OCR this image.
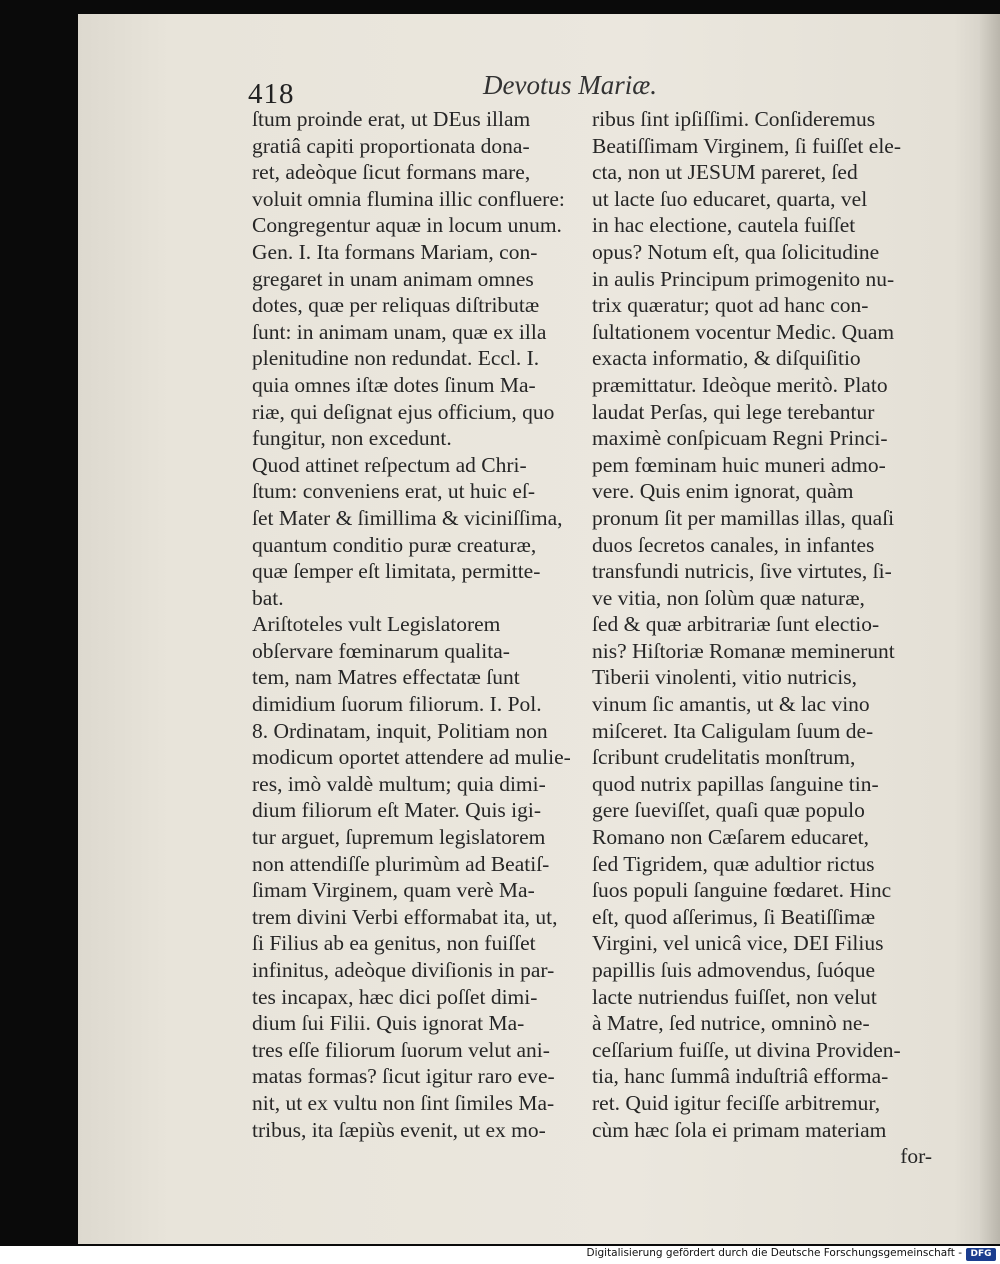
418	Devotus Mariæ.
ſtum proinde erat, ut DEus illam
gratiâ capiti proportionata dona-
ret, adeòque ſicut formans mare,
voluit omnia flumina illic confluere:
Congregentur aquæ in locum unum.
Gen. I. Ita formans Mariam, con-
gregaret in unam animam omnes
dotes, quæ per reliquas diſtributæ
ſunt: in animam unam, quæ ex illa
plenitudine non redundat. Eccl. I.
quia omnes iſtæ dotes ſinum Ma-
riæ, qui deſignat ejus officium, quo
fungitur, non excedunt.
Quod attinet reſpectum ad Chri-
ſtum: conveniens erat, ut huic eſ-
ſet Mater & ſimillima & viciniſſima,
quantum conditio puræ creaturæ,
quæ ſemper eſt limitata, permitte-
bat.
Ariſtoteles vult Legislatorem
obſervare fœminarum qualita-
tem, nam Matres effectatæ ſunt
dimidium ſuorum filiorum. I. Pol.
8. Ordinatam, inquit, Politiam non
modicum oportet attendere ad mulie-
res, imò valdè multum; quia dimi-
dium filiorum eſt Mater. Quis igi-
tur arguet, ſupremum legislatorem
non attendiſſe plurimùm ad Beatiſ-
ſimam Virginem, quam verè Ma-
trem divini Verbi efformabat ita, ut,
ſi Filius ab ea genitus, non fuiſſet
infinitus, adeòque diviſionis in par-
tes incapax, hæc dici poſſet dimi-
dium ſui Filii. Quis ignorat Ma-
tres eſſe filiorum ſuorum velut ani-
matas formas? ſicut igitur raro eve-
nit, ut ex vultu non ſint ſimiles Ma-
tribus, ita ſæpiùs evenit, ut ex mo-
ribus ſint ipſiſſimi. Conſideremus
Beatiſſimam Virginem, ſi fuiſſet ele-
cta, non ut JESUM pareret, ſed
ut lacte ſuo educaret, quarta, vel
in hac electione, cautela fuiſſet
opus? Notum eſt, qua ſolicitudine
in aulis Principum primogenito nu-
trix quæratur; quot ad hanc con-
ſultationem vocentur Medic. Quam
exacta informatio, & diſquiſitio
præmittatur. Ideòque meritò. Plato
laudat Perſas, qui lege terebantur
maximè conſpicuam Regni Princi-
pem fœminam huic muneri admo-
vere. Quis enim ignorat, quàm
pronum ſit per mamillas illas, quaſi
duos ſecretos canales, in infantes
transfundi nutricis, ſive virtutes, ſi-
ve vitia, non ſolùm quæ naturæ,
ſed & quæ arbitrariæ ſunt electio-
nis? Hiſtoriæ Romanæ meminerunt
Tiberii vinolenti, vitio nutricis,
vinum ſic amantis, ut & lac vino
miſceret. Ita Caligulam ſuum de-
ſcribunt crudelitatis monſtrum,
quod nutrix papillas ſanguine tin-
gere ſueviſſet, quaſi quæ populo
Romano non Cæſarem educaret,
ſed Tigridem, quæ adultior rictus
ſuos populi ſanguine fœdaret. Hinc
eſt, quod aſſerimus, ſi Beatiſſimæ
Virgini, vel unicâ vice, DEI Filius
papillis ſuis admovendus, ſuóque
lacte nutriendus fuiſſet, non velut
à Matre, ſed nutrice, omninò ne-
ceſſarium fuiſſe, ut divina Providen-
tia, hanc ſummâ induſtriâ efforma-
ret. Quid igitur feciſſe arbitremur,
cùm hæc ſola ei primam materiam
for-
Digitalisierung gefördert durch die Deutsche Forschungsgemeinschaft - DFG
